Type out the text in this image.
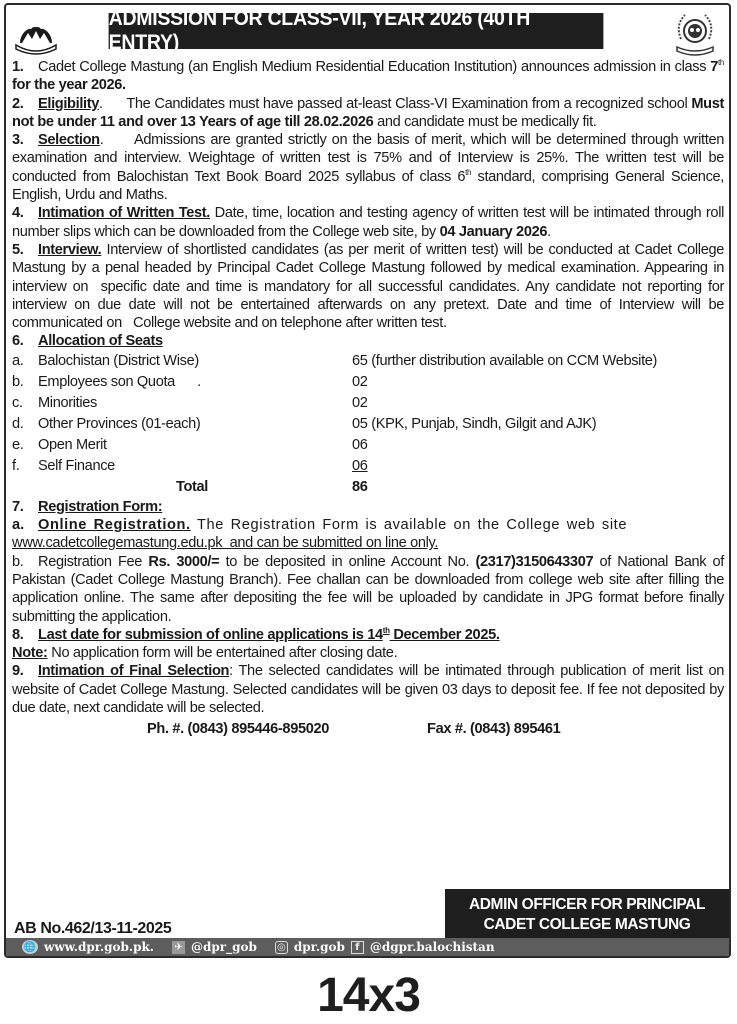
ADMISSION FOR CLASS-VII, YEAR 2026 (40TH ENTRY)

1. Cadet College Mastung (an English Medium Residential Education Institution) announces admission in class 7th for the year 2026.

2. Eligibility.      The Candidates must have passed at-least Class-VI Examination from a recognized school Must not be under 11 and over 13 Years of age till 28.02.2026 and candidate must be medically fit.

3. Selection.      Admissions are granted strictly on the basis of merit, which will be determined through written examination and interview. Weightage of written test is 75% and of Interview is 25%. The written test will be conducted from Balochistan Text Book Board 2025 syllabus of class 6th standard, comprising General Science, English, Urdu and Maths.

4. Intimation of Written Test. Date, time, location and testing agency of written test will be intimated through roll number slips which can be downloaded from the College web site, by 04 January 2026.

5. Interview. Interview of shortlisted candidates (as per merit of written test) will be conducted at Cadet College Mastung by a penal headed by Principal Cadet College Mastung followed by medical examination. Appearing in interview on  specific date and time is mandatory for all successful candidates. Any candidate not reporting for interview on due date will not be entertained afterwards on any pretext. Date and time of Interview will be communicated on   College website and on telephone after written test.

6. Allocation of Seats

a. Balochistan (District Wise)	65 (further distribution available on CCM Website)
b. Employees son Quota      .	02
c.	Minorities	02
d. Other Provinces (01-each)	05 (KPK, Punjab, Sindh, Gilgit and AJK)
e. Open Merit	06
f.	Self Finance	06
Total	86

7. Registration Form:

a. Online Registration. The Registration Form is available on the College web site

www.cadetcollegemastung.edu.pk  and can be submitted on line only.

b. Registration Fee Rs. 3000/= to be deposited in online Account No. (2317)3150643307 of National Bank of Pakistan (Cadet College Mastung Branch). Fee challan can be downloaded from college web site after filling the application online. The same after depositing the fee will be uploaded by candidate in JPG format before finally submitting the application.

8. Last date for submission of online applications is 14th December 2025.

Note: No application form will be entertained after closing date.

9. Intimation of Final Selection: The selected candidates will be intimated through publication of merit list on website of Cadet College Mastung. Selected candidates will be given 03 days to deposit fee. If fee not deposited by due date, next candidate will be selected.

Ph. #. (0843) 895446-895020	Fax #. (0843) 895461
AB No.462/13-11-2025
ADMIN OFFICER FOR PRINCIPAL
CADET COLLEGE MASTUNG
🌐 www.dpr.gob.pk. ✈ @dpr_gob ◎ dpr.gob	f @dgpr.balochistan
14x3
